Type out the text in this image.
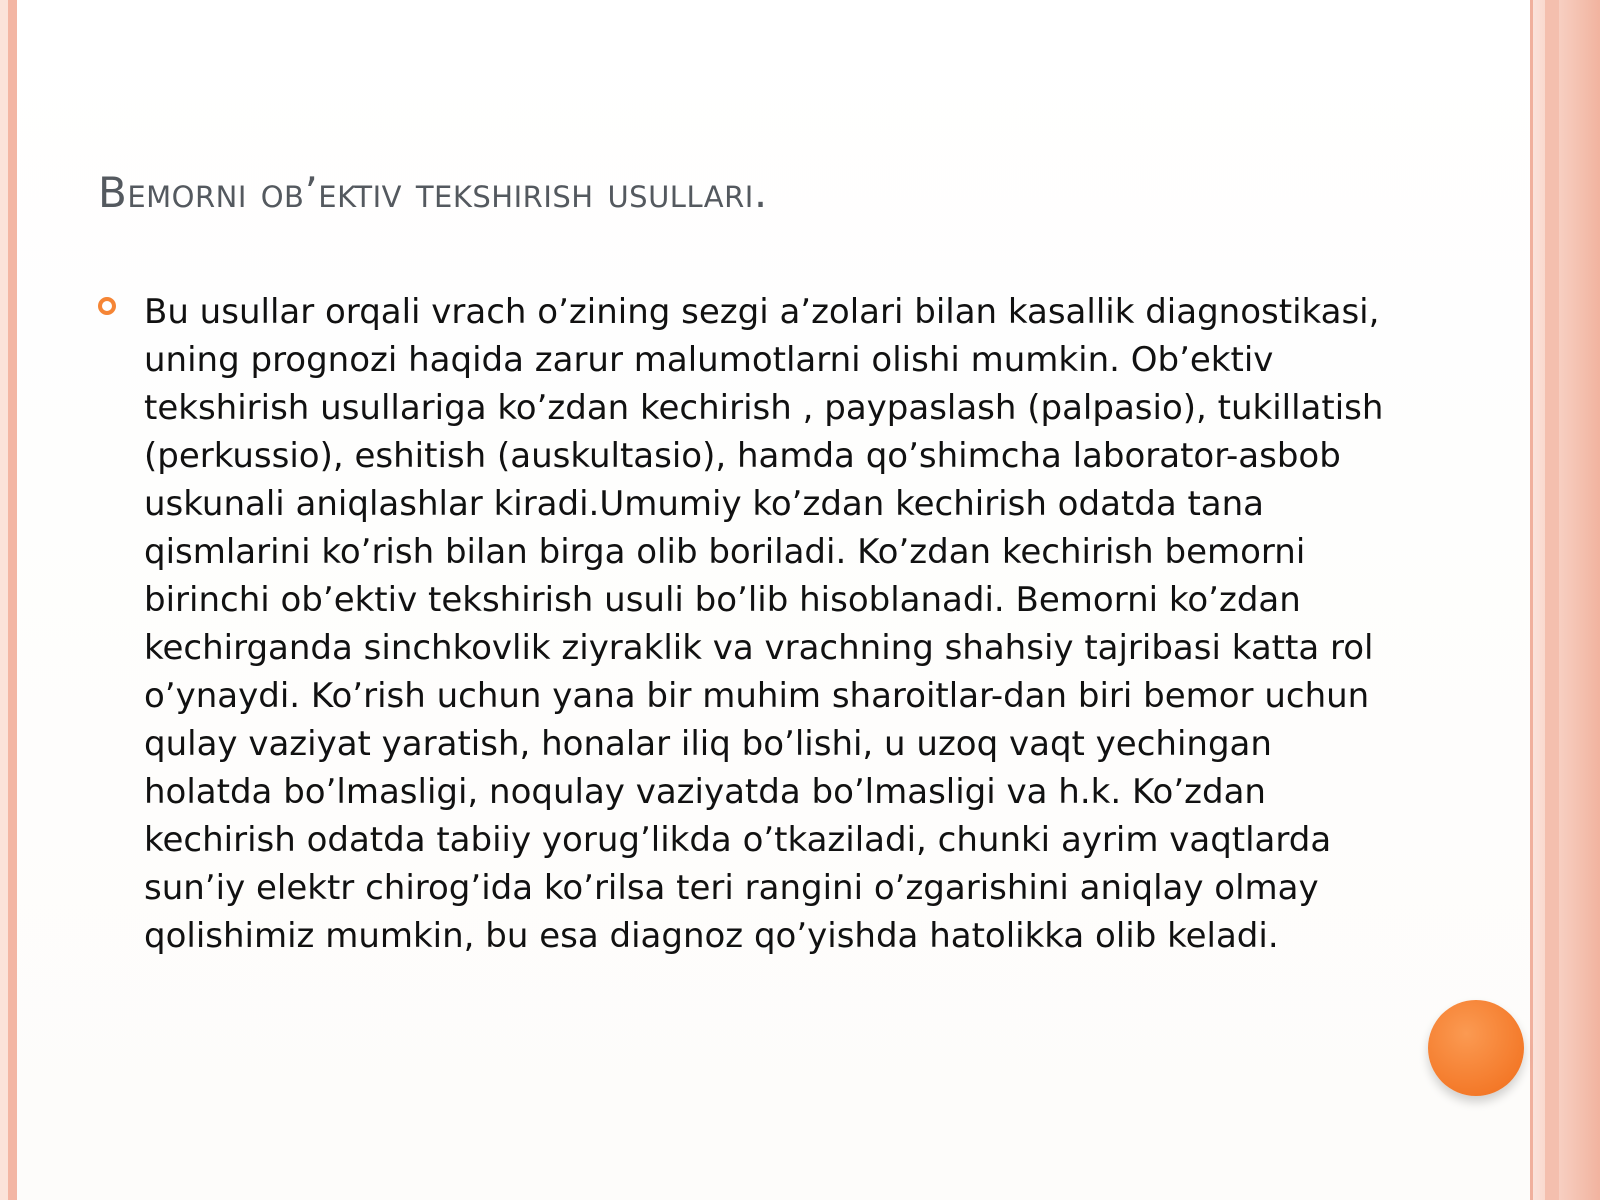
Bemorni ob’ektiv tekshirish usullari.
Bu usullar orqali vrach o’zining sezgi a’zolari bilan kasallik diagnostikasi, uning prognozi haqida zarur malumotlarni olishi mumkin. Ob’ektiv tekshirish usullariga ko’zdan kechirish , paypaslash (palpasio), tukillatish (perkussio), eshitish (auskultasio), hamda qo’shimcha laborator-asbob uskunali aniqlashlar kiradi.Umumiy ko’zdan kechirish odatda tana qismlarini ko’rish bilan birga olib boriladi. Ko’zdan kechirish bemorni birinchi ob’ektiv tekshirish usuli bo’lib hisoblanadi. Bemorni ko’zdan kechirganda sinchkovlik ziyraklik va vrachning shahsiy tajribasi katta rol o’ynaydi. Ko’rish uchun yana bir muhim sharoitlar-dan biri bemor uchun qulay vaziyat yaratish, honalar iliq bo’lishi, u uzoq vaqt yechingan holatda bo’lmasligi, noqulay vaziyatda bo’lmasligi va h.k. Ko’zdan kechirish odatda tabiiy yorug’likda o’tkaziladi, chunki ayrim vaqtlarda sun’iy elektr chirog’ida ko’rilsa teri rangini o’zgarishini aniqlay olmay qolishimiz mumkin, bu esa diagnoz qo’yishda hatolikka olib keladi.
